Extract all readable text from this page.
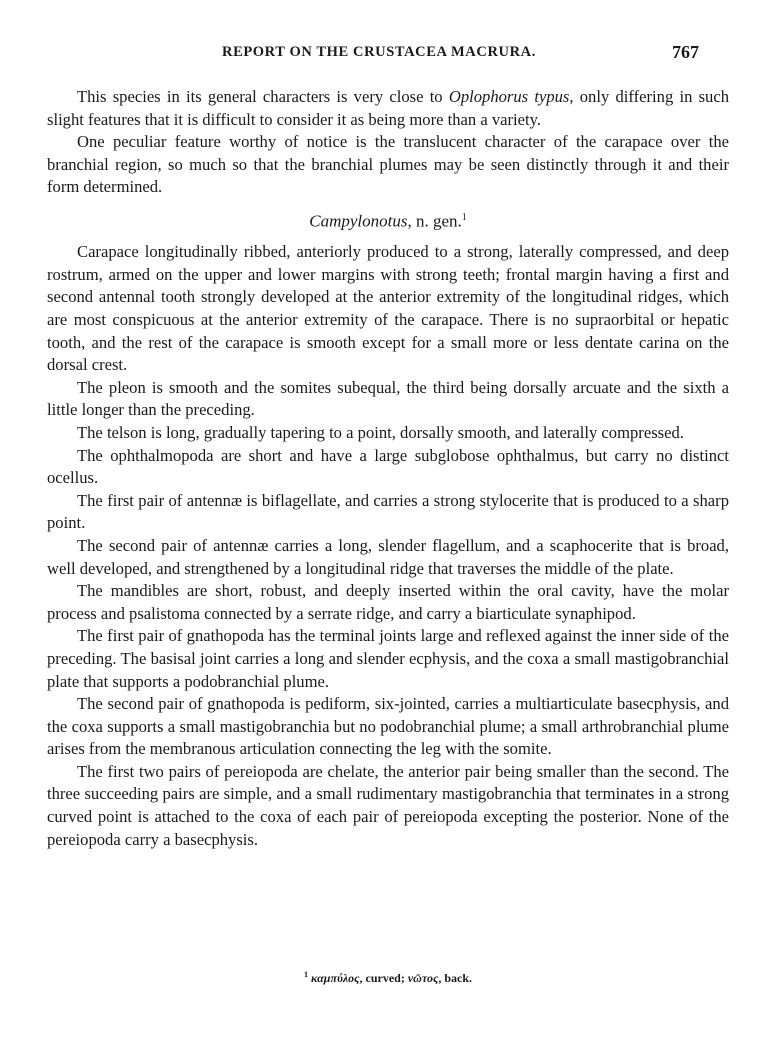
REPORT ON THE CRUSTACEA MACRURA.	767

This species in its general characters is very close to Oplophorus typus, only differing in such slight features that it is difficult to consider it as being more than a variety.

One peculiar feature worthy of notice is the translucent character of the carapace over the branchial region, so much so that the branchial plumes may be seen distinctly through it and their form determined.

Campylonotus, n. gen.$^1$

Carapace longitudinally ribbed, anteriorly produced to a strong, laterally compressed, and deep rostrum, armed on the upper and lower margins with strong teeth; frontal margin having a first and second antennal tooth strongly developed at the anterior extremity of the longitudinal ridges, which are most conspicuous at the anterior extremity of the carapace. There is no supraorbital or hepatic tooth, and the rest of the carapace is smooth except for a small more or less dentate carina on the dorsal crest.

The pleon is smooth and the somites subequal, the third being dorsally arcuate and the sixth a little longer than the preceding.

The telson is long, gradually tapering to a point, dorsally smooth, and laterally compressed.

The ophthalmopoda are short and have a large subglobose ophthalmus, but carry no distinct ocellus.

The first pair of antennæ is biflagellate, and carries a strong stylocerite that is produced to a sharp point.

The second pair of antennæ carries a long, slender flagellum, and a scaphocerite that is broad, well developed, and strengthened by a longitudinal ridge that traverses the middle of the plate.

The mandibles are short, robust, and deeply inserted within the oral cavity, have the molar process and psalistoma connected by a serrate ridge, and carry a biarticulate synaphipod.

The first pair of gnathopoda has the terminal joints large and reflexed against the inner side of the preceding. The basisal joint carries a long and slender ecphysis, and the coxa a small mastigobranchial plate that supports a podobranchial plume.

The second pair of gnathopoda is pediform, six-jointed, carries a multiarticulate basecphysis, and the coxa supports a small mastigobranchia but no podobranchial plume; a small arthrobranchial plume arises from the membranous articulation connecting the leg with the somite.

The first two pairs of pereiopoda are chelate, the anterior pair being smaller than the second. The three succeeding pairs are simple, and a small rudimentary mastigobranchia that terminates in a strong curved point is attached to the coxa of each pair of pereiopoda excepting the posterior. None of the pereiopoda carry a basecphysis.

$^1$ καμπύλος, curved; νῶτος, back.
